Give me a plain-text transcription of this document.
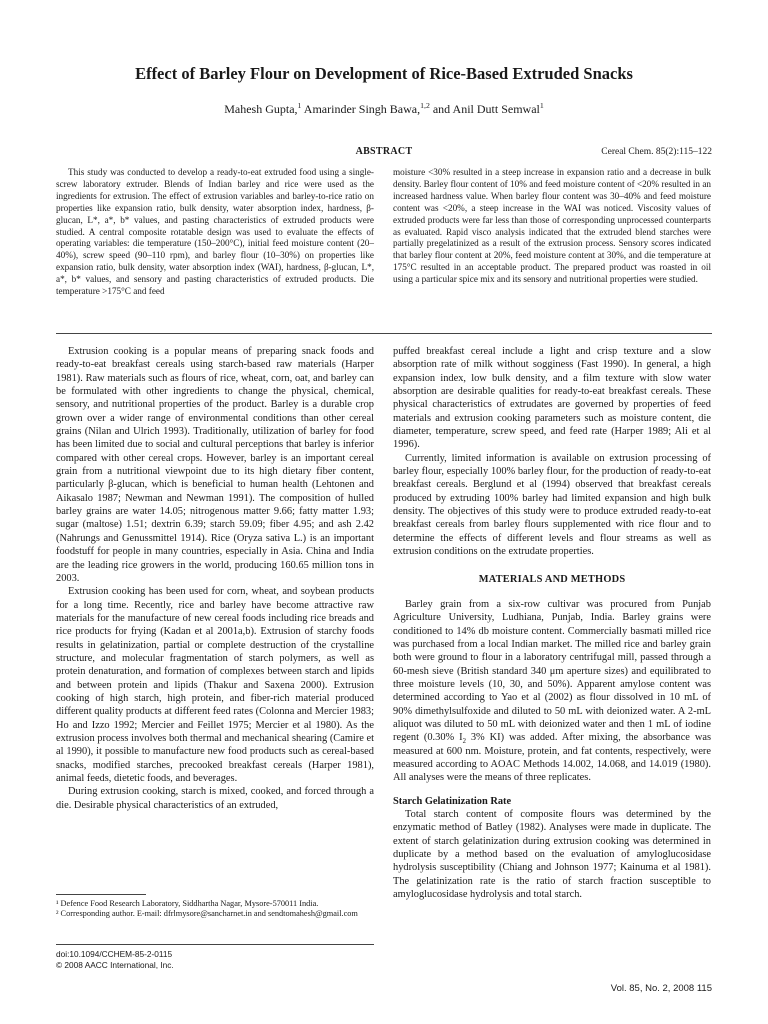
Effect of Barley Flour on Development of Rice-Based Extruded Snacks
Mahesh Gupta,$^1$ Amarinder Singh Bawa,$^{1,2}$ and Anil Dutt Semwal$^1$
ABSTRACT	Cereal Chem. 85(2):115–122

This study was conducted to develop a ready-to-eat extruded food using a single-screw laboratory extruder. Blends of Indian barley and rice were used as the ingredients for extrusion. The effect of extrusion variables and barley-to-rice ratio on properties like expansion ratio, bulk density, water absorption index, hardness, β-glucan, L*, a*, b* values, and pasting characteristics of extruded products were studied. A central composite rotatable design was used to evaluate the effects of operating variables: die temperature (150–200°C), initial feed moisture content (20–40%), screw speed (90–110 rpm), and barley flour (10–30%) on properties like expansion ratio, bulk density, water absorption index (WAI), hardness, β-glucan, L*, a*, b* values, and sensory and pasting characteristics of extruded products. Die temperature >175°C and feed

moisture <30% resulted in a steep increase in expansion ratio and a decrease in bulk density. Barley flour content of 10% and feed moisture content of <20% resulted in an increased hardness value. When barley flour content was 30–40% and feed moisture content was <20%, a steep increase in the WAI was noticed. Viscosity values of extruded products were far less than those of corresponding unprocessed counterparts as evaluated. Rapid visco analysis indicated that the extruded blend starches were partially pregelatinized as a result of the extrusion process. Sensory scores indicated that barley flour content at 20%, feed moisture content at 30%, and die temperature at 175°C resulted in an acceptable product. The prepared product was roasted in oil using a particular spice mix and its sensory and nutritional properties were studied.

Extrusion cooking is a popular means of preparing snack foods and ready-to-eat breakfast cereals using starch-based raw materials (Harper 1981). Raw materials such as flours of rice, wheat, corn, oat, and barley can be formulated with other ingredients to change the physical, chemical, sensory, and nutritional properties of the product. Barley is a durable crop grown over a wider range of environmental conditions than other cereal grains (Nilan and Ulrich 1993). Traditionally, utilization of barley for food has been limited due to social and cultural perceptions that barley is inferior compared with other cereal crops. However, barley is an important cereal grain from a nutritional viewpoint due to its high dietary fiber content, particularly β-glucan, which is beneficial to human health (Lehtonen and Aikasalo 1987; Newman and Newman 1991). The composition of hulled barley grains are water 14.05; nitrogenous matter 9.66; fatty matter 1.93; sugar (maltose) 1.51; dextrin 6.39; starch 59.09; fiber 4.95; and ash 2.42 (Nahrungs and Genussmittel 1914). Rice (Oryza sativa L.) is an important foodstuff for people in many countries, especially in Asia. China and India are the leading rice growers in the world, producing 160.65 million tons in 2003.

Extrusion cooking has been used for corn, wheat, and soybean products for a long time. Recently, rice and barley have become attractive raw materials for the manufacture of new cereal foods including rice breads and rice products for frying (Kadan et al 2001a,b). Extrusion of starchy foods results in gelatinization, partial or complete destruction of the crystalline structure, and molecular fragmentation of starch polymers, as well as protein denaturation, and formation of complexes between starch and lipids and between protein and lipids (Thakur and Saxena 2000). Extrusion cooking of high starch, high protein, and fiber-rich material produced different quality products at different feed rates (Colonna and Mercier 1983; Ho and Izzo 1992; Mercier and Feillet 1975; Mercier et al 1980). As the extrusion process involves both thermal and mechanical shearing (Camire et al 1990), it possible to manufacture new food products such as cereal-based snacks, modified starches, precooked breakfast cereals (Harper 1981), animal feeds, dietetic foods, and beverages.

During extrusion cooking, starch is mixed, cooked, and forced through a die. Desirable physical characteristics of an extruded,

puffed breakfast cereal include a light and crisp texture and a slow absorption rate of milk without sogginess (Fast 1990). In general, a high expansion index, low bulk density, and a film texture with slow water absorption are desirable qualities for ready-to-eat breakfast cereals. These physical characteristics of extrudates are governed by properties of feed materials and extrusion cooking parameters such as moisture content, die diameter, temperature, screw speed, and feed rate (Harper 1989; Ali et al 1996).

Currently, limited information is available on extrusion processing of barley flour, especially 100% barley flour, for the production of ready-to-eat breakfast cereals. Berglund et al (1994) observed that breakfast cereals produced by extruding 100% barley had limited expansion and high bulk density. The objectives of this study were to produce extruded ready-to-eat breakfast cereals from barley flours supplemented with rice flour and to determine the effects of different levels and flour streams as well as extrusion conditions on the extrudate properties.

MATERIALS AND METHODS

Barley grain from a six-row cultivar was procured from Punjab Agriculture University, Ludhiana, Punjab, India. Barley grains were conditioned to 14% db moisture content. Commercially basmati milled rice was purchased from a local Indian market. The milled rice and barley grain both were ground to flour in a laboratory centrifugal mill, passed through a 60-mesh sieve (British standard 340 μm aperture sizes) and equilibrated to three moisture levels (10, 30, and 50%). Apparent amylose content was determined according to Yao et al (2002) as flour dissolved in 10 mL of 90% dimethylsulfoxide and diluted to 50 mL with deionized water. A 2-mL aliquot was diluted to 50 mL with deionized water and then 1 mL of iodine regent (0.30% $I_2$ 3% KI) was added. After mixing, the absorbance was measured at 600 nm. Moisture, protein, and fat contents, respectively, were measured according to AOAC Methods 14.002, 14.068, and 14.019 (1980). All analyses were the means of three replicates.

Starch Gelatinization Rate

Total starch content of composite flours was determined by the enzymatic method of Batley (1982). Analyses were made in duplicate. The extent of starch gelatinization during extrusion cooking was determined in duplicate by a method based on the evaluation of amyloglucosidase hydrolysis susceptibility (Chiang and Johnson 1977; Kainuma et al 1981). The gelatinization rate is the ratio of starch fraction susceptible to amyloglucosidase hydrolysis and total starch.

¹ Defence Food Research Laboratory, Siddhartha Nagar, Mysore-570011 India.
² Corresponding author. E-mail: dfrlmysore@sancharnet.in and sendtomahesh@gmail.com
doi:10.1094/CCHEM-85-2-0115
© 2008 AACC International, Inc.
Vol. 85, No. 2, 2008 115
